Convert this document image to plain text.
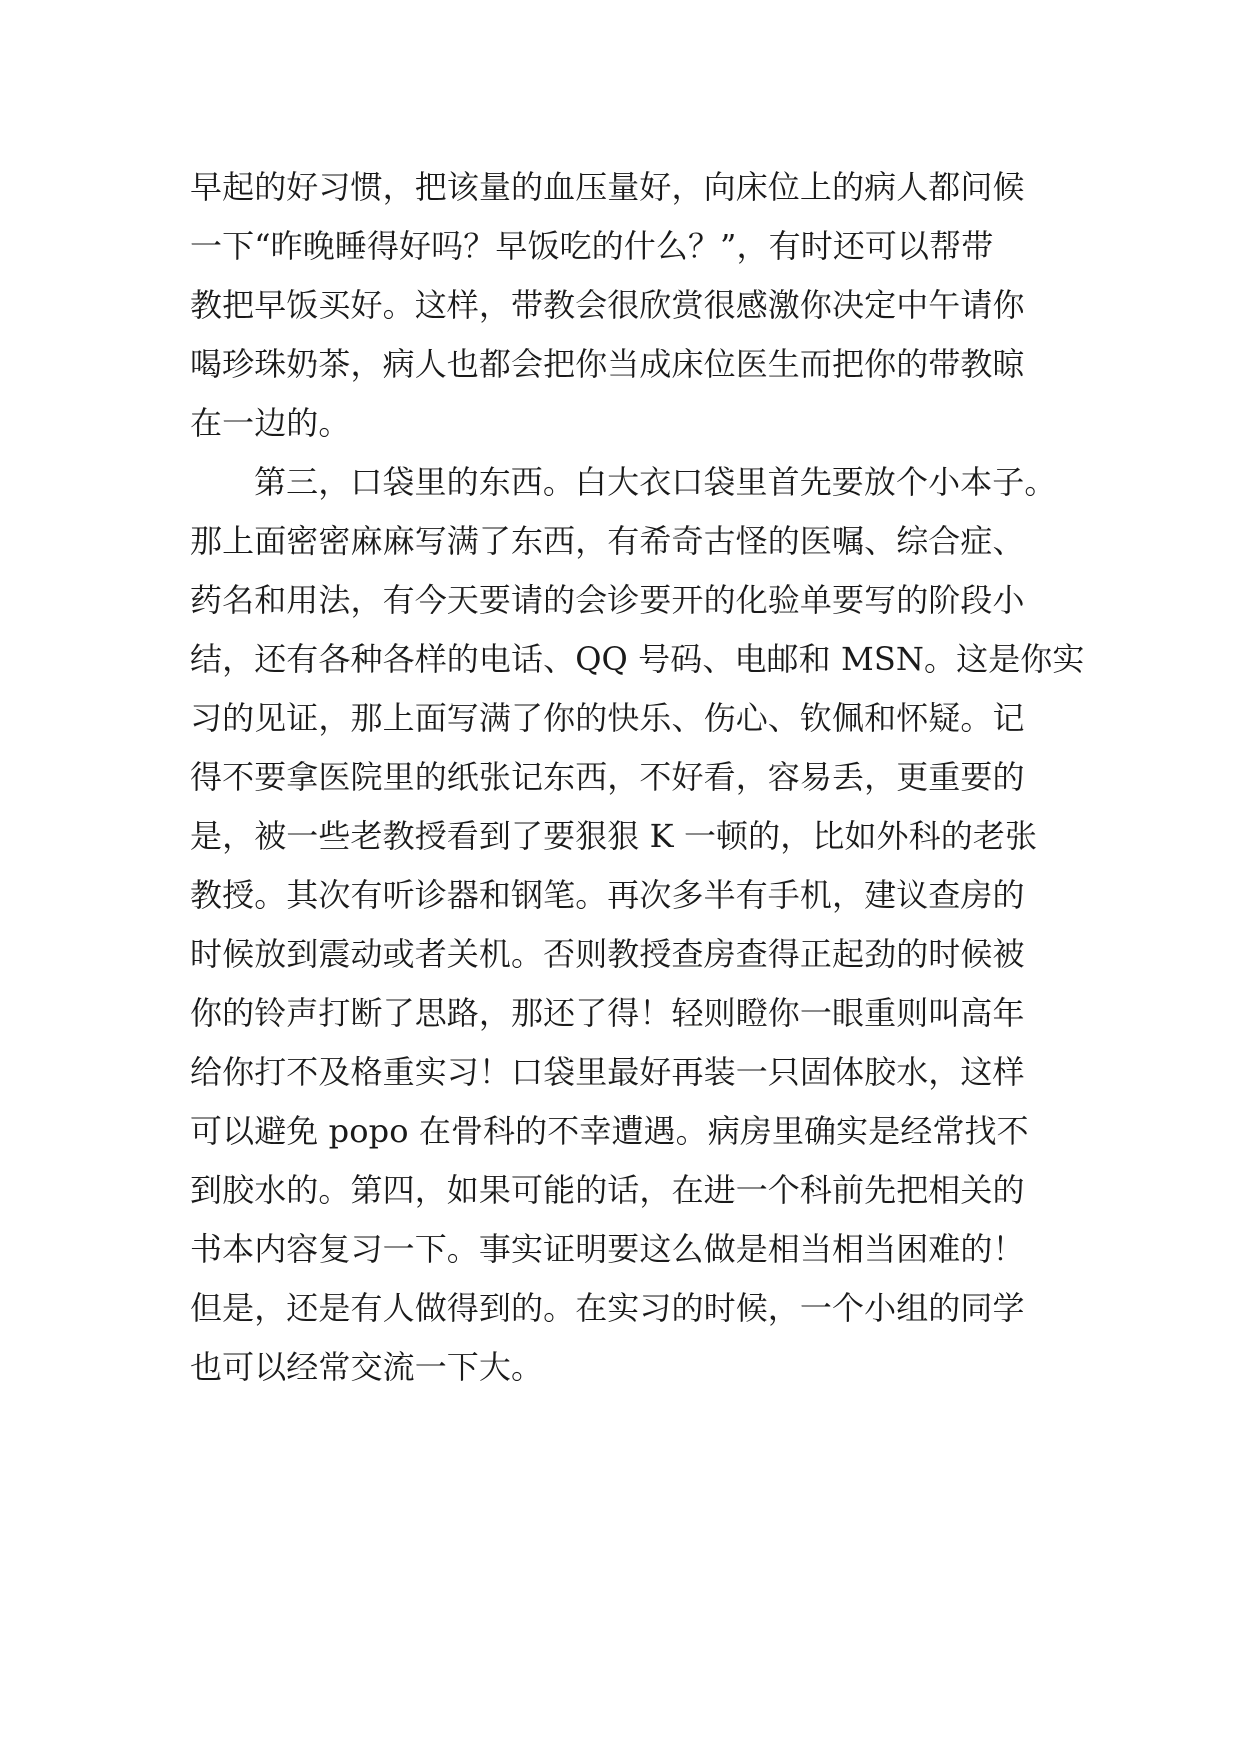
早起的好习惯，把该量的血压量好，向床位上的病人都问候
一下“昨晚睡得好吗？早饭吃的什么？”，有时还可以帮带
教把早饭买好。这样，带教会很欣赏很感激你决定中午请你
喝珍珠奶茶，病人也都会把你当成床位医生而把你的带教晾
在一边的。
第三，口袋里的东西。白大衣口袋里首先要放个小本子。
那上面密密麻麻写满了东西，有希奇古怪的医嘱、综合症、
药名和用法，有今天要请的会诊要开的化验单要写的阶段小
结，还有各种各样的电话、QQ 号码、电邮和 MSN。这是你实
习的见证，那上面写满了你的快乐、伤心、钦佩和怀疑。记
得不要拿医院里的纸张记东西，不好看，容易丢，更重要的
是，被一些老教授看到了要狠狠 K 一顿的，比如外科的老张
教授。其次有听诊器和钢笔。再次多半有手机，建议查房的
时候放到震动或者关机。否则教授查房查得正起劲的时候被
你的铃声打断了思路，那还了得！轻则瞪你一眼重则叫高年
给你打不及格重实习！口袋里最好再装一只固体胶水，这样
可以避免 popo 在骨科的不幸遭遇。病房里确实是经常找不
到胶水的。第四，如果可能的话，在进一个科前先把相关的
书本内容复习一下。事实证明要这么做是相当相当困难的！
但是，还是有人做得到的。在实习的时候，一个小组的同学
也可以经常交流一下大。
